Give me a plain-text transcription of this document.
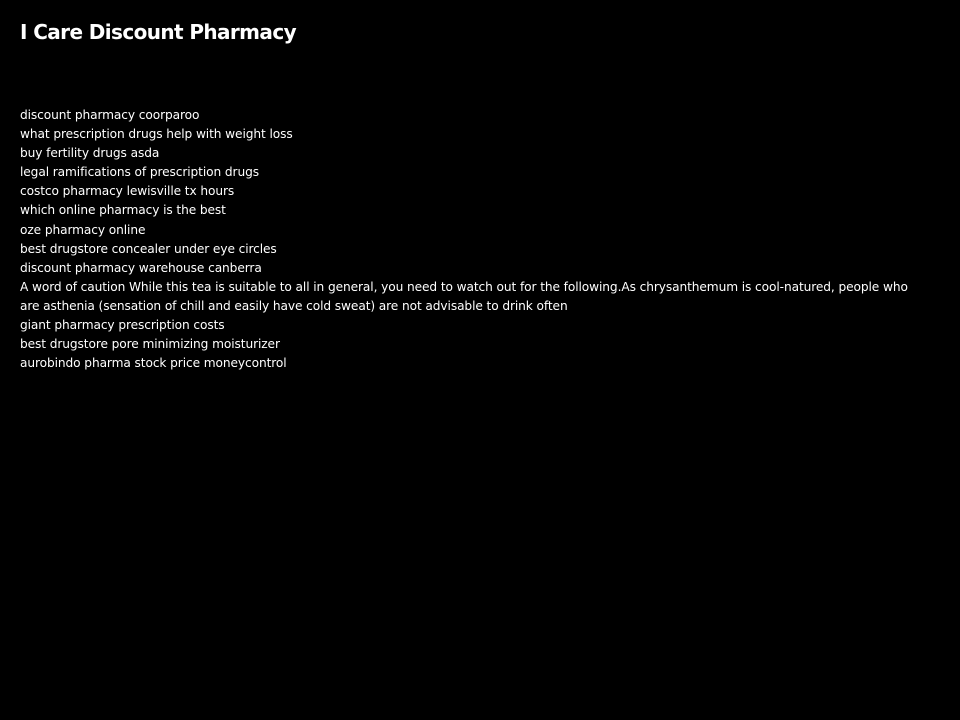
I Care Discount Pharmacy
discount pharmacy coorparoo
what prescription drugs help with weight loss
buy fertility drugs asda
legal ramifications of prescription drugs
costco pharmacy lewisville tx hours
which online pharmacy is the best
oze pharmacy online
best drugstore concealer under eye circles
discount pharmacy warehouse canberra
A word of caution While this tea is suitable to all in general, you need to watch out for the following.As chrysanthemum is cool-natured, people who are asthenia (sensation of chill and easily have cold sweat) are not advisable to drink often
giant pharmacy prescription costs
best drugstore pore minimizing moisturizer
aurobindo pharma stock price moneycontrol
